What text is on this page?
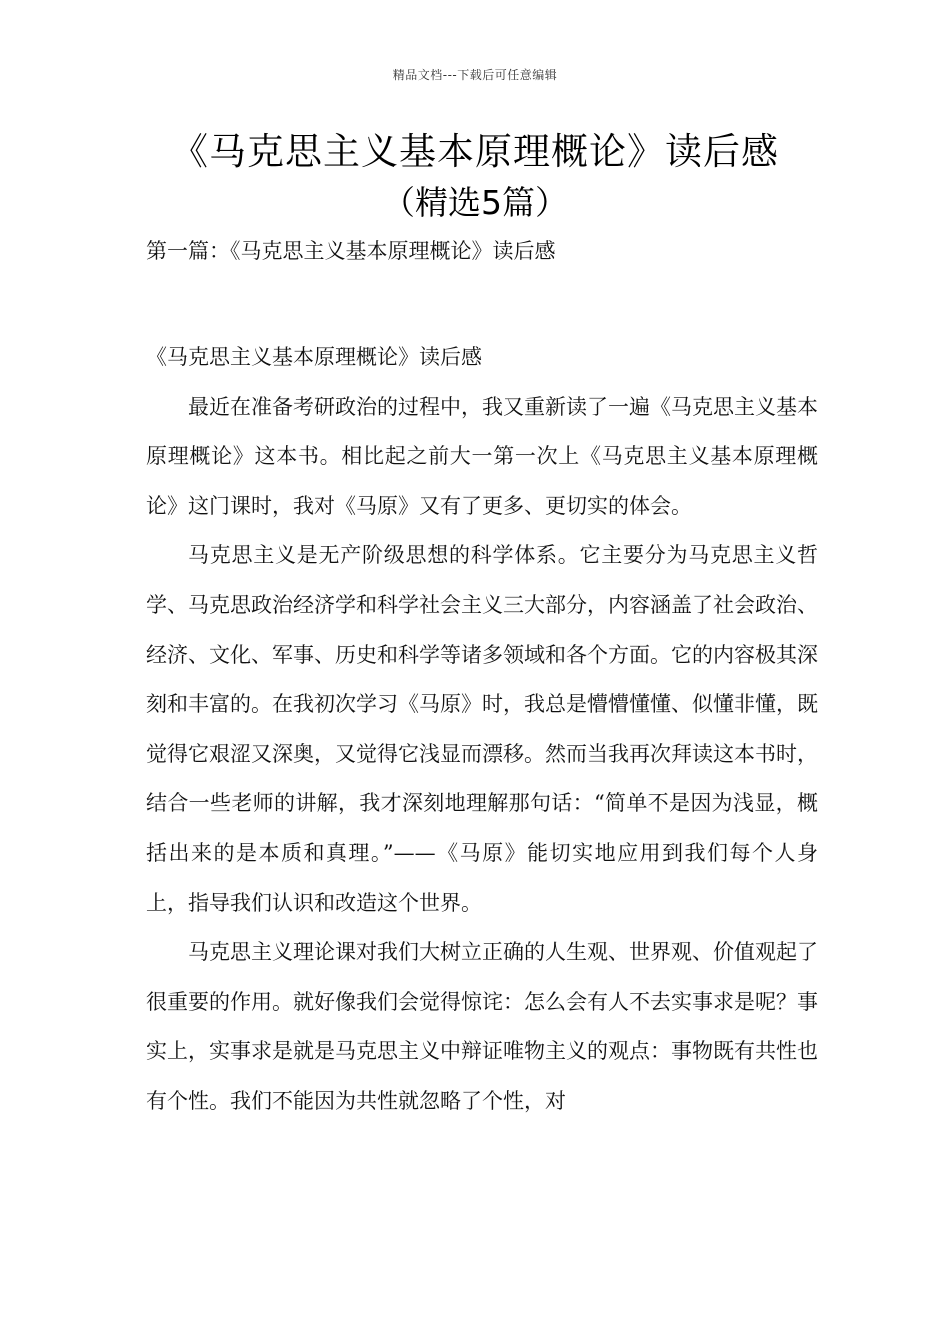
精品文档---下载后可任意编辑
《马克思主义基本原理概论》读后感
（精选5篇）
第一篇：《马克思主义基本原理概论》读后感

《马克思主义基本原理概论》读后感

最近在准备考研政治的过程中，我又重新读了一遍《马克思主义基本原理概论》这本书。相比起之前大一第一次上《马克思主义基本原理概论》这门课时，我对《马原》又有了更多、更切实的体会。

马克思主义是无产阶级思想的科学体系。它主要分为马克思主义哲学、马克思政治经济学和科学社会主义三大部分，内容涵盖了社会政治、经济、文化、军事、历史和科学等诸多领域和各个方面。它的内容极其深刻和丰富的。在我初次学习《马原》时，我总是懵懵懂懂、似懂非懂，既觉得它艰涩又深奥，又觉得它浅显而漂移。然而当我再次拜读这本书时，结合一些老师的讲解，我才深刻地理解那句话：“简单不是因为浅显，概括出来的是本质和真理。”——《马原》能切实地应用到我们每个人身上，指导我们认识和改造这个世界。

马克思主义理论课对我们大树立正确的人生观、世界观、价值观起了很重要的作用。就好像我们会觉得惊诧：怎么会有人不去实事求是呢？事实上，实事求是就是马克思主义中辩证唯物主义的观点：事物既有共性也有个性。我们不能因为共性就忽略了个性，对
